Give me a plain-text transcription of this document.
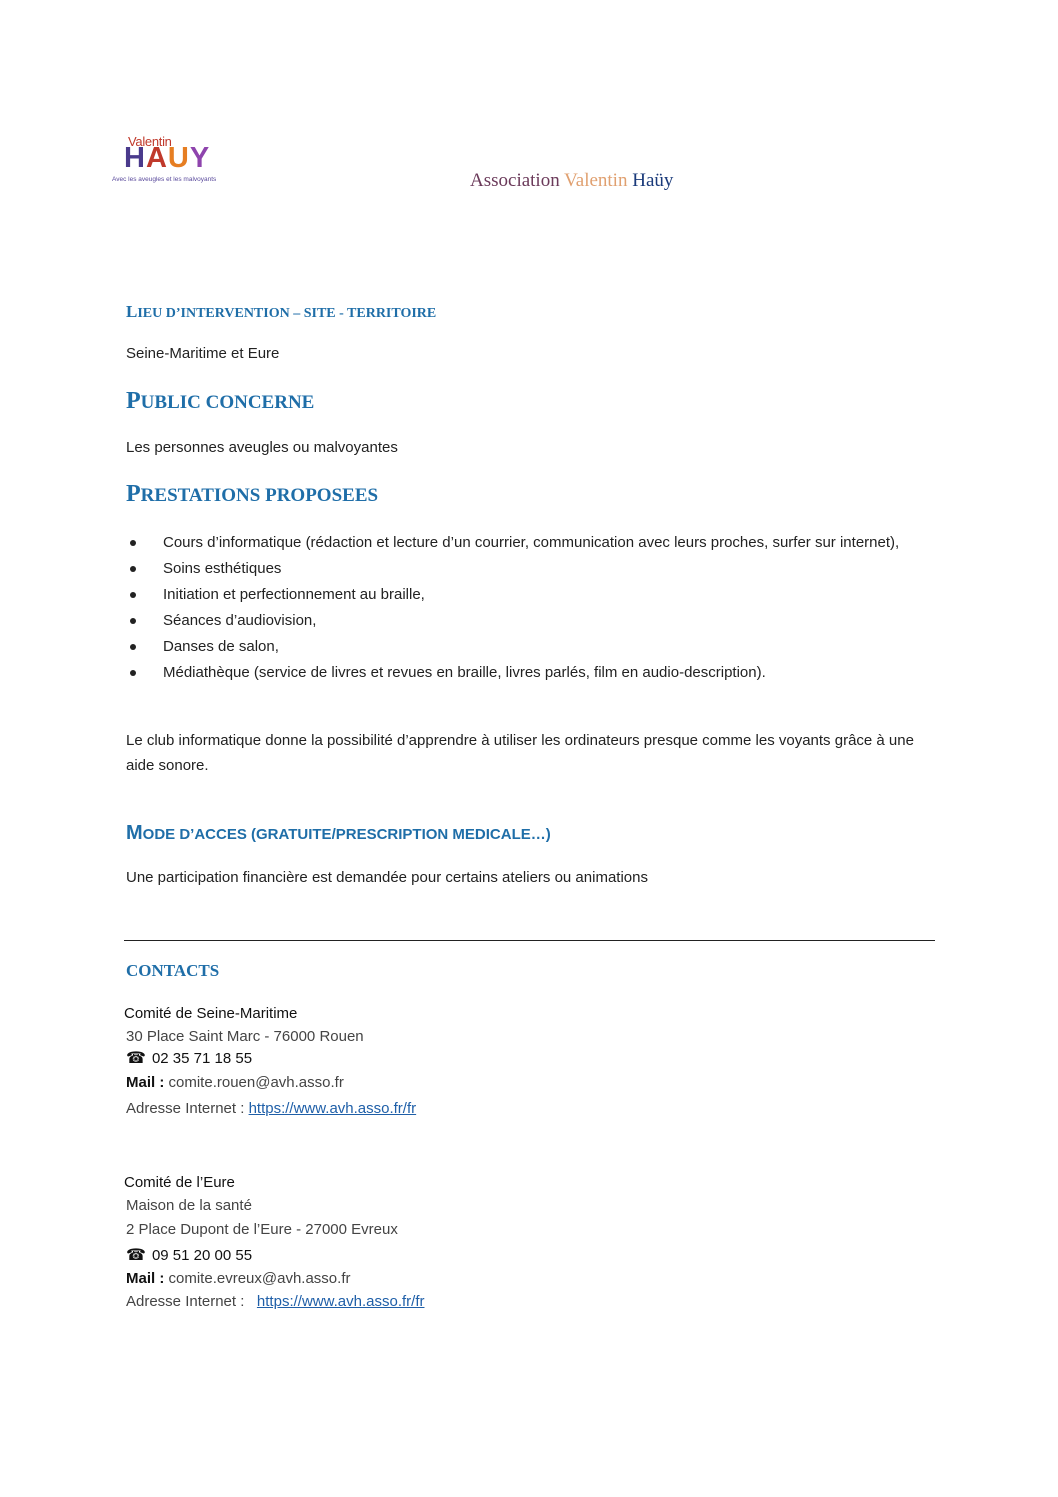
Valentin
HAUY
Avec les aveugles et les malvoyants	Association Valentin Haüy
LIEU D’INTERVENTION – SITE - TERRITOIRE
Seine-Maritime et Eure
PUBLIC CONCERNE
Les personnes aveugles ou malvoyantes
PRESTATIONS PROPOSEES
Cours d’informatique (rédaction et lecture d’un courrier, communication avec leurs proches, surfer sur internet),
Soins esthétiques
Initiation et perfectionnement au braille,
Séances d’audiovision,
Danses de salon,
Médiathèque (service de livres et revues en braille, livres parlés, film en audio-description).
Le club informatique donne la possibilité d’apprendre à utiliser les ordinateurs presque comme les voyants grâce à une aide sonore.
MODE D’ACCES (GRATUITE/PRESCRIPTION MEDICALE…)
Une participation financière est demandée pour certains ateliers ou animations
CONTACTS
Comité de Seine-Maritime
30 Place Saint Marc - 76000 Rouen
☎ 02 35 71 18 55
Mail : comite.rouen@avh.asso.fr
Adresse Internet : https://www.avh.asso.fr/fr
Comité de l’Eure
Maison de la santé
2 Place Dupont de l’Eure - 27000 Evreux
☎ 09 51 20 00 55
Mail : comite.evreux@avh.asso.fr
Adresse Internet : https://www.avh.asso.fr/fr
